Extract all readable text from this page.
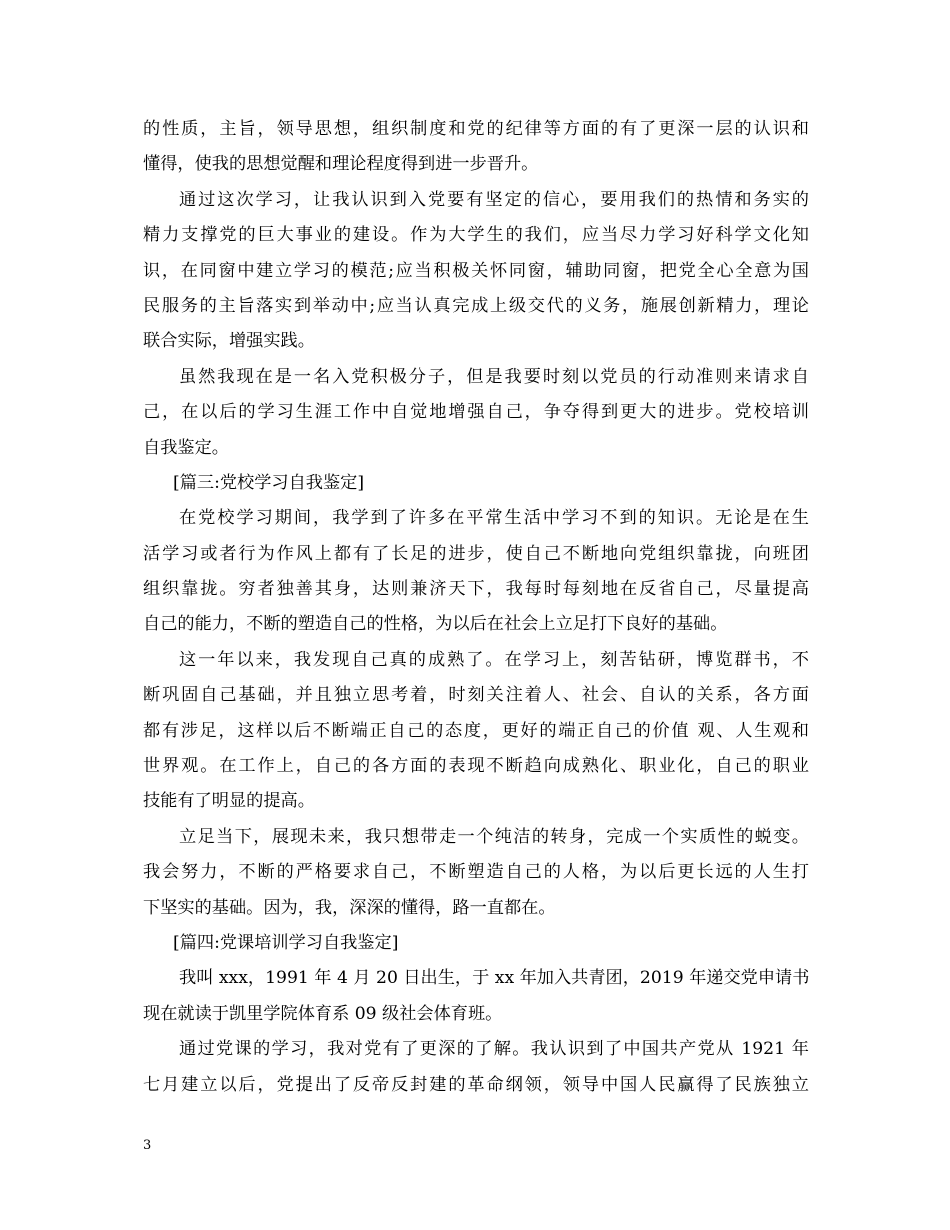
的性质，主旨，领导思想，组织制度和党的纪律等方面的有了更深一层的认识和
懂得，使我的思想觉醒和理论程度得到进一步晋升。
通过这次学习，让我认识到入党要有坚定的信心，要用我们的热情和务实的
精力支撑党的巨大事业的建设。作为大学生的我们，应当尽力学习好科学文化知
识，在同窗中建立学习的模范;应当积极关怀同窗，辅助同窗，把党全心全意为国
民服务的主旨落实到举动中;应当认真完成上级交代的义务，施展创新精力，理论
联合实际，增强实践。
虽然我现在是一名入党积极分子，但是我要时刻以党员的行动准则来请求自
己，在以后的学习生涯工作中自觉地增强自己，争夺得到更大的进步。党校培训
自我鉴定。
[篇三:党校学习自我鉴定]
在党校学习期间，我学到了许多在平常生活中学习不到的知识。无论是在生
活学习或者行为作风上都有了长足的进步，使自己不断地向党组织靠拢，向班团
组织靠拢。穷者独善其身，达则兼济天下，我每时每刻地在反省自己，尽量提高
自己的能力，不断的塑造自己的性格，为以后在社会上立足打下良好的基础。
这一年以来，我发现自己真的成熟了。在学习上，刻苦钻研，博览群书，不
断巩固自己基础，并且独立思考着，时刻关注着人、社会、自认的关系，各方面
都有涉足，这样以后不断端正自己的态度，更好的端正自己的价值 观、人生观和
世界观。在工作上，自己的各方面的表现不断趋向成熟化、职业化，自己的职业
技能有了明显的提高。
立足当下，展现未来，我只想带走一个纯洁的转身，完成一个实质性的蜕变。
我会努力，不断的严格要求自己，不断塑造自己的人格，为以后更长远的人生打
下坚实的基础。因为，我，深深的懂得，路一直都在。
[篇四:党课培训学习自我鉴定]
我叫 xxx，1991 年 4 月 20 日出生，于 xx 年加入共青团，2019 年递交党申请书
现在就读于凯里学院体育系 09 级社会体育班。
通过党课的学习，我对党有了更深的了解。我认识到了中国共产党从 1921 年
七月建立以后，党提出了反帝反封建的革命纲领，领导中国人民赢得了民族独立
3
